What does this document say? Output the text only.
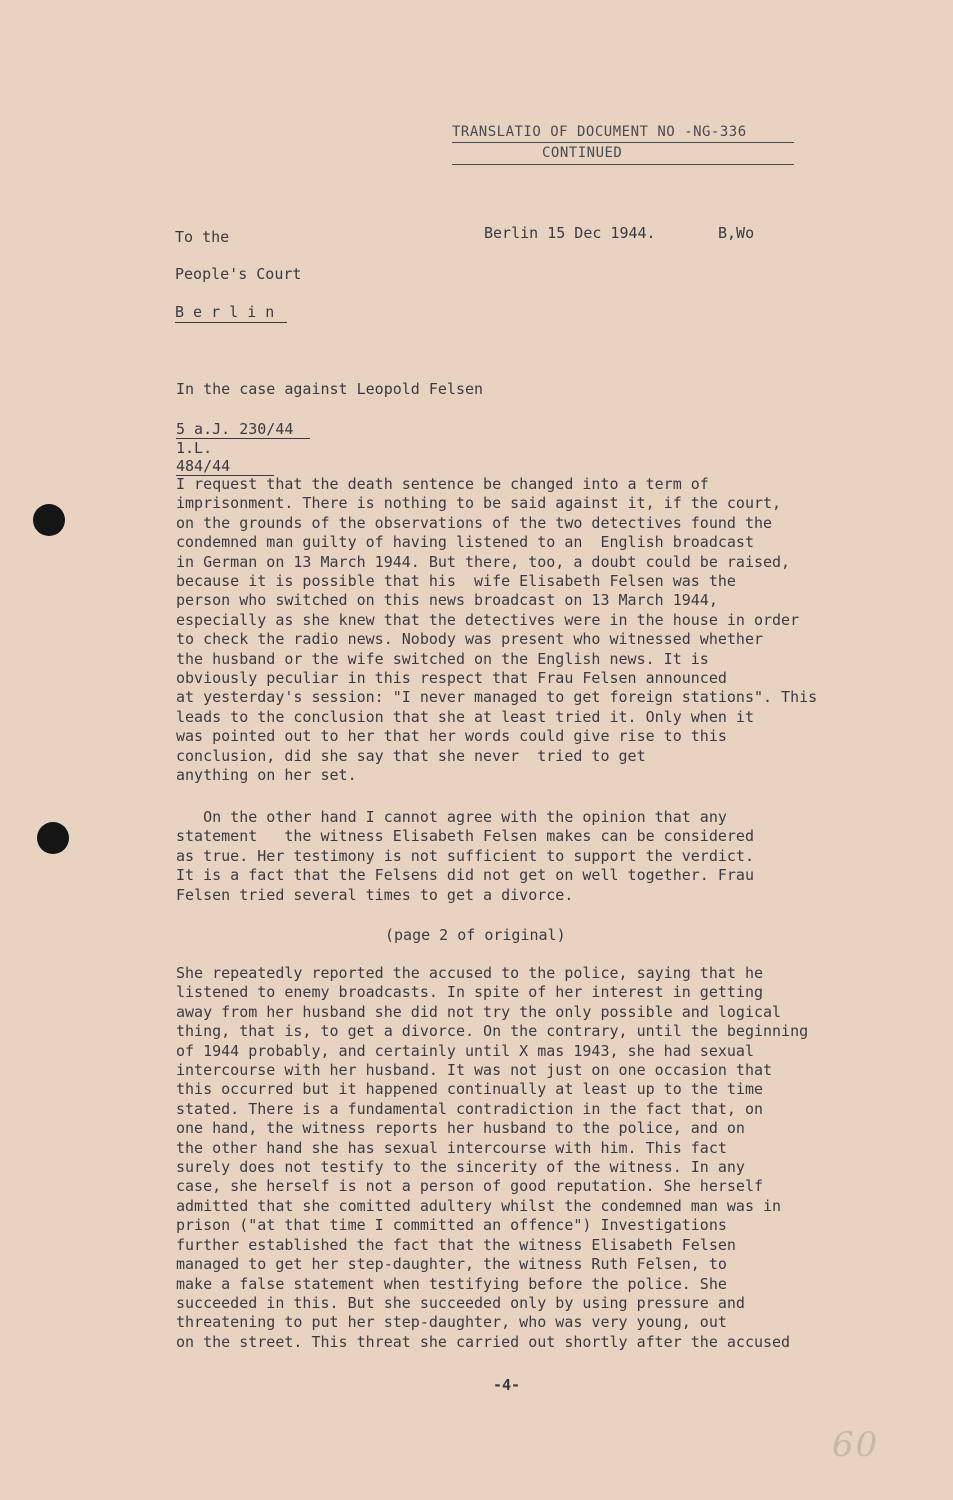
TRANSLATIO OF DOCUMENT NO -NG-336
CONTINUED
To the	Berlin 15 Dec 1944.	B,Wo
People's Court
B e r l i n
In the case against Leopold Felsen
5 a.J. 230/44
1.L. 484/44
I request that the death sentence be changed into a term of
imprisonment. There is nothing to be said against it, if the court,
on the grounds of the observations of the two detectives found the
condemned man guilty of having listened to an  English broadcast
in German on 13 March 1944. But there, too, a doubt could be raised,
because it is possible that his  wife Elisabeth Felsen was the
person who switched on this news broadcast on 13 March 1944,
especially as she knew that the detectives were in the house in order
to check the radio news. Nobody was present who witnessed whether
the husband or the wife switched on the English news. It is
obviously peculiar in this respect that Frau Felsen announced
at yesterday's session: "I never managed to get foreign stations". This
leads to the conclusion that she at least tried it. Only when it
was pointed out to her that her words could give rise to this
conclusion, did she say that she never  tried to get
anything on her set.
On the other hand I cannot agree with the opinion that any
statement   the witness Elisabeth Felsen makes can be considered
as true. Her testimony is not sufficient to support the verdict.
It is a fact that the Felsens did not get on well together. Frau
Felsen tried several times to get a divorce.
(page 2 of original)
She repeatedly reported the accused to the police, saying that he
listened to enemy broadcasts. In spite of her interest in getting
away from her husband she did not try the only possible and logical
thing, that is, to get a divorce. On the contrary, until the beginning
of 1944 probably, and certainly until X mas 1943, she had sexual
intercourse with her husband. It was not just on one occasion that
this occurred but it happened continually at least up to the time
stated. There is a fundamental contradiction in the fact that, on
one hand, the witness reports her husband to the police, and on
the other hand she has sexual intercourse with him. This fact
surely does not testify to the sincerity of the witness. In any
case, she herself is not a person of good reputation. She herself
admitted that she comitted adultery whilst the condemned man was in
prison ("at that time I committed an offence") Investigations
further established the fact that the witness Elisabeth Felsen
managed to get her step-daughter, the witness Ruth Felsen, to
make a false statement when testifying before the police. She
succeeded in this. But she succeeded only by using pressure and
threatening to put her step-daughter, who was very young, out
on the street. This threat she carried out shortly after the accused
-4-
60
